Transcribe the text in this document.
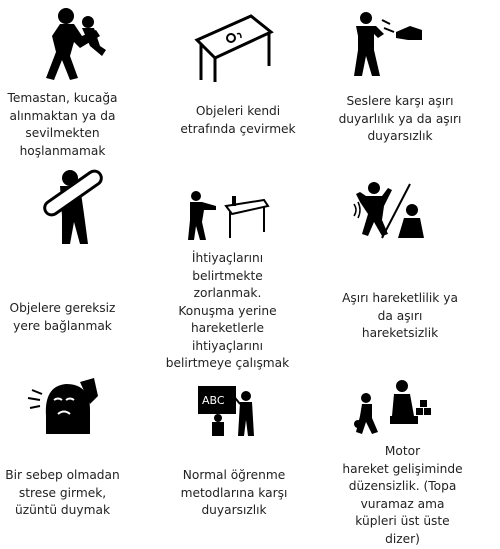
Temastan, kucağa
alınmaktan ya da
sevilmekten
hoşlanmamak
Objeleri kendi
etrafında çevirmek
Seslere karşı aşırı
duyarlılık ya da aşırı
duyarsızlık
Objelere gereksiz
yere bağlanmak
İhtiyaçlarını
belirtmekte
zorlanmak.
Konuşma yerine
hareketlerle
ihtiyaçlarını
belirtmeye çalışmak
Aşırı hareketlilik ya
da aşırı
hareketsizlik
Bir sebep olmadan
strese girmek,
üzüntü duymak
ABC
Normal öğrenme
metodlarına karşı
duyarsızlık
Motor
hareket gelişiminde
düzensizlik. (Topa
vuramaz ama
küpleri üst üste
dizer)
